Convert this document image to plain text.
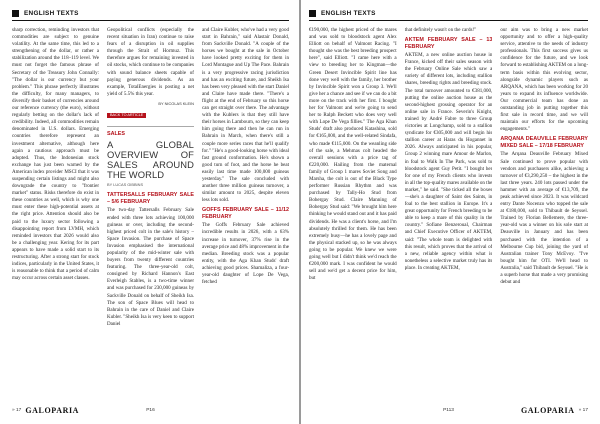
ENGLISH TEXTS

sharp correction, reminding investors that commodities are subject to genuine volatility. At the same time, this led to a strengthening of the dollar, or rather a stabilization around the 118–119 level. We must not forget the famous phrase of Secretary of the Treasury John Connally: "The dollar is our currency but your problem." This phrase perfectly illustrates the difficulty, for many managers, to diversify their basket of currencies around our reference currency (the euro), without regularly betting on the dollar's lack of credibility. Indeed, all commodities remain denominated in U.S. dollars. Emerging countries therefore represent an investment alternative, although here again a cautious approach must be adopted. Thus, the Indonesian stock exchange has just been warned by the American index provider MSCI that it was suspending certain listings and might also downgrade the country to "frontier market" status. Risks therefore do exist in these countries as well, which is why one must enter these high-potential assets at the right price. Attention should also be paid to the luxury sector following a disappointing report from LVMH, which reminded investors that 2026 would also be a challenging year. Kering for its part appears to have made a solid start to its restructuring. After a strong start for stock indices, particularly in the United States, it is reasonable to think that a period of calm may occur across certain asset classes.

Geopolitical conflicts (especially the recent situation in Iran) continue to raise fears of a disruption in oil supplies through the Strait of Hormuz. This therefore argues for remaining invested in oil stocks, which continue to be companies with sound balance sheets capable of paying generous dividends. As an example, TotalEnergies is posting a net yield of 5.5% this year.

BY NICOLAS KLEIN
BACK TO ARTICLE
SALES
A GLOBAL OVERVIEW OF SALES AROUND THE WORLD
BY LUCAS GIBBINS
TATTERSALLS FEBRUARY SALE – 5/6 FEBRUARY

The two-day Tattersalls February Sale ended with three lots achieving 100,000 guineas or over, including the second-highest priced colt in the sale's history – Space Invasion. The purchase of Space Invasion emphasised the international popularity of the mid-winter sale with buyers from twenty different countries featuring. The three-year-old colt, consigned by Richard Hannon's East Everleigh Stables, is a two-time winner and was purchased for 230,000 guineas by Sackville Donald on behalf of Sheikh Isa. The son of Space Blues will head to Bahrain in the care of Daniel and Claire Kubler. "Sheikh Isa is very keen to support Daniel

and Claire Kubler, who've had a very good start in Bahrain," said Alastair Donald, from Sackville Donald. "A couple of the horses we bought at the sale in October have looked pretty exciting for them in Lord Montague and Up The Pace. Bahrain is a very progressive racing jurisdiction and has an exciting future, and Sheikh Isa has been very pleased with the start Daniel and Claire have made there. "There's a flight at the end of February so this horse can get straight over there. The advantage with the Kublers is that they still have their horses in Lambourn, so they can keep him going there and then he can run in Bahrain in March, when there's still a couple more series races that he'll qualify for." "He's a good-looking horse with ideal fast ground conformation. He's shown a good turn of foot, and the horse he beat easily last time made 100,000 guineas yesterday." The sale concluded with another three million guineas turnover, a similar amount to 2025, despite eleven less lots sold.

GOFFS FEBRUARY SALE – 11/12 FEBRUARY

The Goffs February Sale achieved incredible results in 2026, with a 63% increase in turnover, 37% rise in the average price and 48% improvement in the median. Breeding stock was a popular entity, with the Aga Khan Studs' draft achieving good prices. Shamaliza, a four-year-old daughter of Lope De Vega, fetched

» 17 GALOPARIA	P16
ENGLISH TEXTS

€190,000, the highest priced of the mares and was sold to bloodstock agent Alex Elliott on behalf of Valmont Racing. "I thought she was the best breeding prospect here", said Elliott. "I came here with a view to breeding her to Kingman—the Green Desert Invincible Spirit line has done very well with the family, her brother by Invincible Spirit won a Group 3. We'll give her a chance and see if we can do a bit more on the track with her first. I bought her for Valmont and we're going to send her to Ralph Beckett who does very well with Lope De Vega fillies." The Aga Khan Studs' draft also produced Katashina, sold for €165,000, and the well-related Sindafa, who made €115,000. On the weanling side of the sale, a Mehmas colt headed the overall sessions with a price tag of €220,000. Hailing from the maternal family of Group 1 mares Soviet Song and Marsha, the colt is out of the Black Type performer Russian Rhythm and was purchased by Tally-Ho Stud from Bohergay Stud. Claire Manning of Bohergay Stud said: "We brought him here thinking he would stand out and it has paid dividends. He was a client's horse, and I'm absolutely thrilled for them. He has been extremely busy—he has a lovely page and the physical stacked up, so he was always going to be popular. We knew we were going well but I didn't think we'd reach the €200,000 mark. I was confident he would sell and we'd get a decent price for him, but

that definitely wasn't on the cards!"

AKTEM FEBRUARY SALE – 13 FEBRUARY

AKTEM, a new online auction house in France, kicked off their sales season with the February Online Sale which saw a variety of different lots, including stallion shares, breeding rights and breeding stock. The total turnover amounted to €381,000, putting the online auction house as the second-highest grossing operator for an online sale in France. Severin's Knight, trained by André Fabre to three Group victories at Longchamp, sold to a stallion syndicate for €305,000 and will begin his stallion career at Haras du Hogannet in 2026. Always anticipated in his popular, Group 2 winning mare Amour de Marlon, in foal to Walk In The Park, was sold to bloodstock agent Guy Petit. "I bought her for one of my French clients who invests in all the top-quality mares available on the market," he said. "She ticked all the boxes—she's a daughter of Saint des Saints, in foal to the best stallion in Europe. It's a great opportunity for French breeding to be able to keep a mare of this quality in the country." Sofiane Benzeroual, Chairman and Chief Executive Officer of AKTEM, said: "The whole team is delighted with this result, which proves that the arrival of a new, reliable agency within what is nonetheless a selective market truly has its place. In creating AKTEM,

our aim was to bring a new market opportunity and to offer a high-quality service, attentive to the needs of industry professionals. This first success gives us confidence for the future, and we look forward to establishing AKTEM on a long-term basis within this evolving sector, alongside dynamic players such as ARQANA, which has been working for 20 years to expand its influence worldwide. Our commercial team has done an outstanding job in putting together this first sale in record time, and we will maintain our efforts for the upcoming engagements."

ARQANA DEAUVILLE FEBRUARY MIXED SALE – 17/18 FEBRUARY

The Arqana Deauville February Mixed Sale continued to prove popular with vendors and purchasers alike, achieving a turnover of €3,290,250 – the highest in the last three years. 240 lots passed under the hammer with an average of €13,709, the peak achieved since 2023. It was wildcard entry Dante Nocenzo who topped the sale at €180,000, sold to Thibault de Seyssel. Trained by Florian Bellemere, the three-year-old was a winner on his sole start at Deauville in January and has been purchased with the intention of a Melbourne Cup bid, joining the yard of Australian trainer Tony McEvoy. "I've bought him for OTI. We'll head to Australia," said Thibault de Seyssel. "He is a superb horse that made a very promising debut and

P113	GALOPARIA » 17
